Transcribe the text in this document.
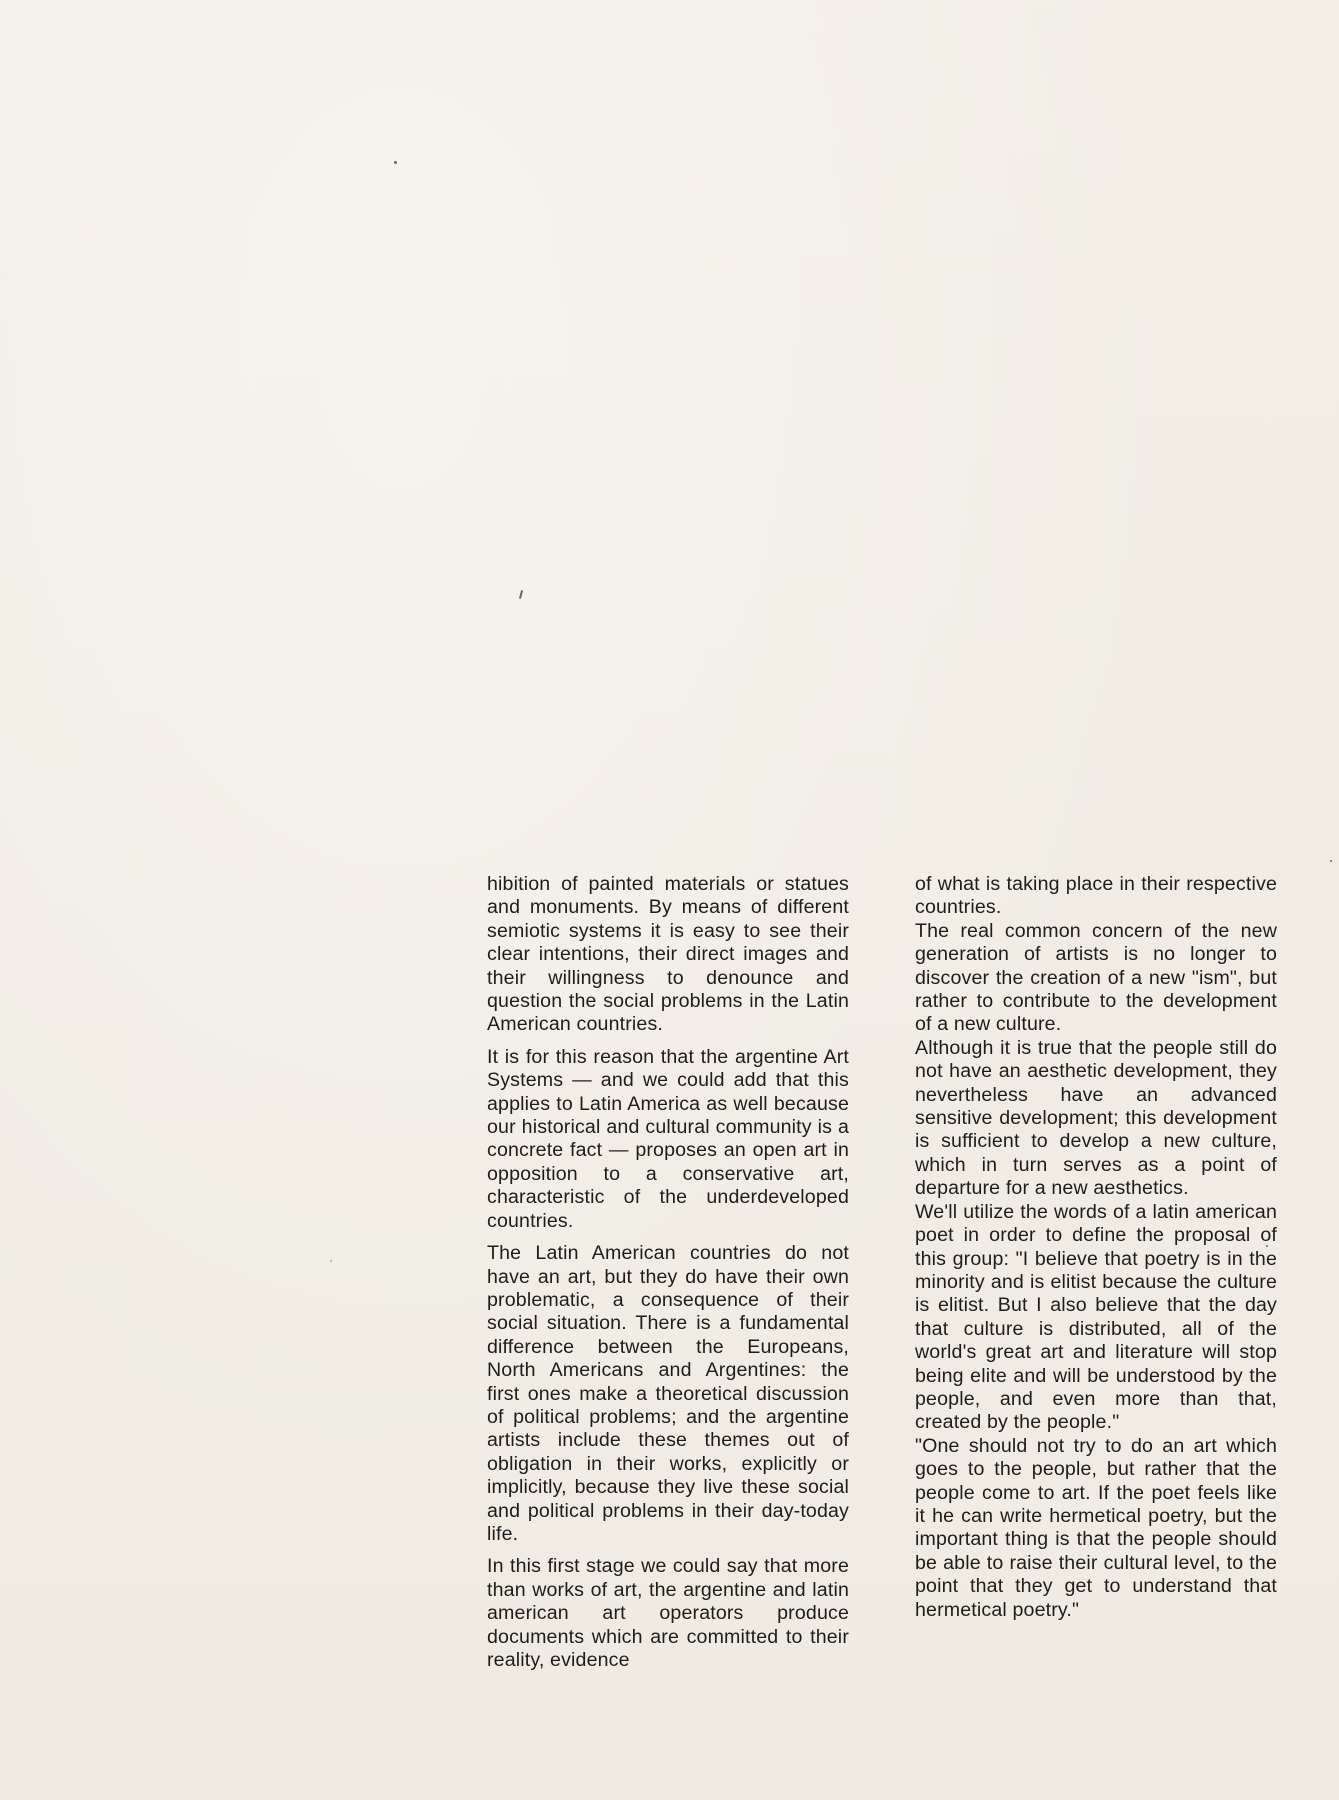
hibition of painted materials or statues and monuments. By means of different semiotic systems it is easy to see their clear intentions, their direct images and their willingness to denounce and question the social problems in the Latin American countries.

It is for this reason that the argentine Art Systems — and we could add that this applies to Latin America as well because our historical and cultural community is a concrete fact — proposes an open art in opposition to a conservative art, characteristic of the underdeveloped countries.

The Latin American countries do not have an art, but they do have their own problematic, a consequence of their social situation. There is a fundamental difference between the Europeans, North Americans and Argentines: the first ones make a theoretical discussion of political problems; and the argentine artists include these themes out of obligation in their works, explicitly or implicitly, because they live these social and political problems in their day-today life.

In this first stage we could say that more than works of art, the argentine and latin american art operators produce documents which are committed to their reality, evidence

of what is taking place in their respective countries.

The real common concern of the new generation of artists is no longer to discover the creation of a new "ism", but rather to contribute to the development of a new culture.

Although it is true that the people still do not have an aesthetic development, they nevertheless have an advanced sensitive development; this development is sufficient to develop a new culture, which in turn serves as a point of departure for a new aesthetics.

We'll utilize the words of a latin american poet in order to define the proposal of this group: "I believe that poetry is in the minority and is elitist because the culture is elitist. But I also believe that the day that culture is distributed, all of the world's great art and literature will stop being elite and will be understood by the people, and even more than that, created by the people."

"One should not try to do an art which goes to the people, but rather that the people come to art. If the poet feels like it he can write hermetical poetry, but the important thing is that the people should be able to raise their cultural level, to the point that they get to understand that hermetical poetry."
